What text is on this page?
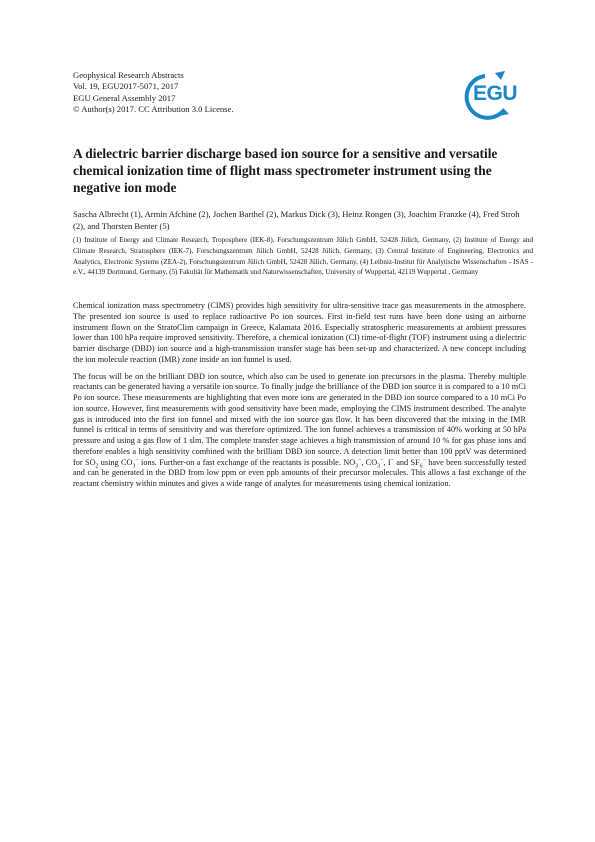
Geophysical Research Abstracts
Vol. 19, EGU2017-5071, 2017
EGU General Assembly 2017
© Author(s) 2017. CC Attribution 3.0 License.
EGU
A dielectric barrier discharge based ion source for a sensitive and versatile chemical ionization time of flight mass spectrometer instrument using the negative ion mode
Sascha Albrecht (1), Armin Afchine (2), Jochen Barthel (2), Markus Dick (3), Heinz Rongen (3), Joachim Franzke (4), Fred Stroh (2), and Thorsten Benter (5)
(1) Institute of Energy and Climate Research, Troposphere (IEK-8), Forschungszentrum Jülich GmbH, 52428 Jülich, Germany, (2) Institute of Energy and Climate Research, Stratosphere (IEK-7), Forschungszentrum Jülich GmbH, 52428 Jülich, Germany, (3) Central Institute of Engineering, Electronics and Analytics, Electronic Systems (ZEA-2), Forschungszentrum Jülich GmbH, 52428 Jülich, Germany, (4) Leibniz-Institut für Analytische Wissenschaften - ISAS - e.V., 44139 Dortmund, Germany, (5) Fakultät für Mathematik und Naturwissenschaften, University of Wuppertal, 42119 Wuppertal , Germany

Chemical ionization mass spectrometry (CIMS) provides high sensitivity for ultra-sensitive trace gas measurements in the atmosphere. The presented ion source is used to replace radioactive Po ion sources. First in-field test runs have been done using an airborne instrument flown on the StratoClim campaign in Greece, Kalamata 2016. Especially stratospheric measurements at ambient pressures lower than 100 hPa require improved sensitivity. Therefore, a chemical ionization (CI) time-of-flight (TOF) instrument using a dielectric barrier discharge (DBD) ion source and a high-transmission transfer stage has been set-up and characterized. A new concept including the ion molecule reaction (IMR) zone inside an ion funnel is used.

The focus will be on the brilliant DBD ion source, which also can be used to generate ion precursors in the plasma. Thereby multiple reactants can be generated having a versatile ion source. To finally judge the brilliance of the DBD ion source it is compared to a 10 mCi Po ion source. These measurements are highlighting that even more ions are generated in the DBD ion source compared to a 10 mCi Po ion source. However, first measurements with good sensitivity have been made, employing the CIMS instrument described. The analyte gas is introduced into the first ion funnel and mixed with the ion source gas flow. It has been discovered that the mixing in the IMR funnel is critical in terms of sensitivity and was therefore optimized. The ion funnel achieves a transmission of 40% working at 50 hPa pressure and using a gas flow of 1 slm. The complete transfer stage achieves a high transmission of around 10 % for gas phase ions and therefore enables a high sensitivity combined with the brilliant DBD ion source. A detection limit better than 100 pptV was determined for $SO_2$ using $CO_3^-$ ions. Further-on a fast exchange of the reactants is possible. $NO_3^-$, $CO_3^-$, I− and $SF_6^-$ have been successfully tested and can be generated in the DBD from low ppm or even ppb amounts of their precursor molecules. This allows a fast exchange of the reactant chemistry within minutes and gives a wide range of analytes for measurements using chemical ionization.
